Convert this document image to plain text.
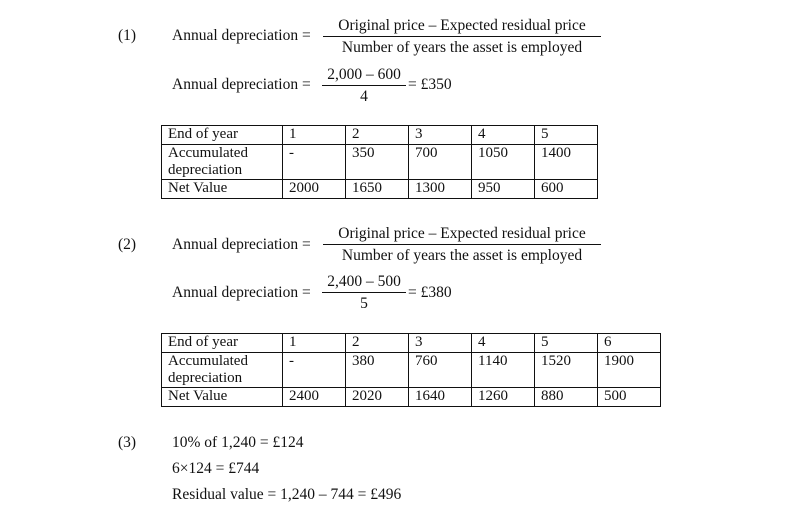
(1) Annual depreciation =
Original price – Expected residual price
Number of years the asset is employed
Annual depreciation =
2,000 – 600
4
= £350
End of year	1	2	3	4	5
Accumulated depreciation	-	350	700	1050	1400
Net Value	2000	1650	1300	950	600
(2) Annual depreciation =
Original price – Expected residual price
Number of years the asset is employed
Annual depreciation =
2,400 – 500
5
= £380
End of year	1	2	3	4	5	6
Accumulated depreciation	-	380	760	1140	1520	1900
Net Value	2400	2020	1640	1260	880	500
(3) 10% of 1,240 = £124
6×124 = £744
Residual value = 1,240 – 744 = £496
